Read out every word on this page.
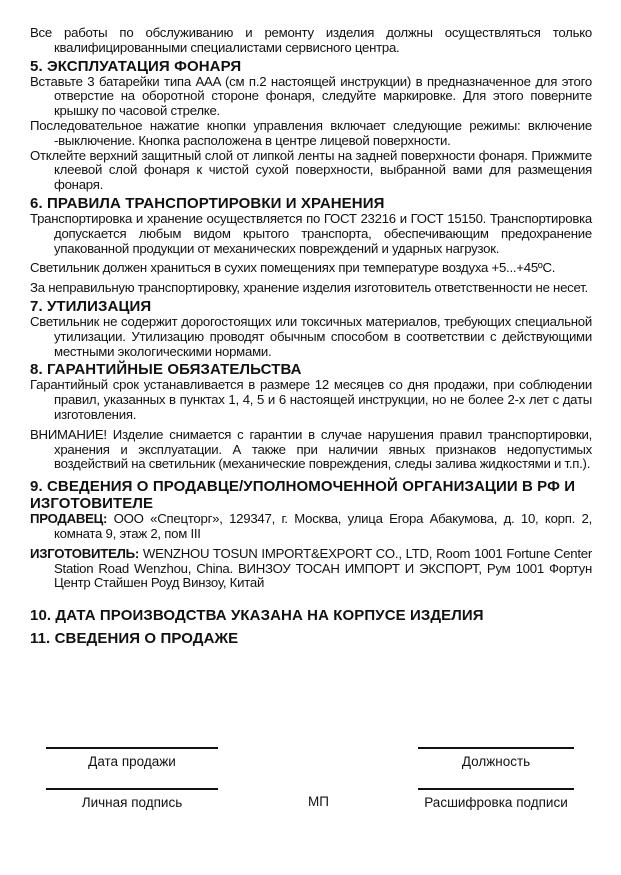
Все работы по обслуживанию и ремонту изделия должны осуществляться только квалифицированными специалистами сервисного центра.

5. ЭКСПЛУАТАЦИЯ ФОНАРЯ

Вставьте 3 батарейки типа AAA (см п.2 настоящей инструкции) в предназначенное для этого отверстие на оборотной стороне фонаря, следуйте маркировке. Для этого поверните крышку по часовой стрелке.

Последовательное нажатие кнопки управления включает следующие режимы: включение -выключение. Кнопка расположена в центре лицевой поверхности.

Отклейте верхний защитный слой от липкой ленты на задней поверхности фонаря. Прижмите клеевой слой фонаря к чистой сухой поверхности, выбранной вами для размещения фонаря.

6. ПРАВИЛА ТРАНСПОРТИРОВКИ И ХРАНЕНИЯ

Транспортировка и хранение осуществляется по ГОСТ 23216 и ГОСТ 15150. Транспортировка допускается любым видом крытого транспорта, обеспечивающим предохранение упакованной продукции от механических повреждений и ударных нагрузок.

Светильник должен храниться в сухих помещениях при температуре воздуха +5...+45ºС.

За неправильную транспортировку, хранение изделия изготовитель ответственности не несет.

7. УТИЛИЗАЦИЯ

Светильник не содержит дорогостоящих или токсичных материалов, требующих специальной утилизации. Утилизацию проводят обычным способом в соответствии с действующими местными экологическими нормами.

8. ГАРАНТИЙНЫЕ ОБЯЗАТЕЛЬСТВА

Гарантийный срок устанавливается в размере 12 месяцев со дня продажи, при соблюдении правил, указанных в пунктах 1, 4, 5 и 6 настоящей инструкции, но не более 2-х лет с даты изготовления.

ВНИМАНИЕ! Изделие снимается с гарантии в случае нарушения правил транспортировки, хранения и эксплуатации. А также при наличии явных признаков недопустимых воздействий на светильник (механические повреждения, следы залива жидкостями и т.п.).

9. СВЕДЕНИЯ О ПРОДАВЦЕ/УПОЛНОМОЧЕННОЙ ОРГАНИЗАЦИИ В РФ И ИЗГОТОВИТЕЛЕ

ПРОДАВЕЦ: ООО «Спецторг», 129347, г. Москва, улица Егора Абакумова, д. 10, корп. 2, комната 9, этаж 2, пом III

ИЗГОТОВИТЕЛЬ: WENZHOU TOSUN IMPORT&EXPORT CO., LTD, Room 1001 Fortune Center Station Road Wenzhou, China. ВИНЗОУ ТОСАН ИМПОРТ И ЭКСПОРТ, Рум 1001 Фортун Центр Стайшен Роуд Винзоу, Китай

10. ДАТА ПРОИЗВОДСТВА УКАЗАНА НА КОРПУСЕ ИЗДЕЛИЯ
11. СВЕДЕНИЯ О ПРОДАЖЕ
Дата продажи	Должность
Личная подпись	МП	Расшифровка подписи
